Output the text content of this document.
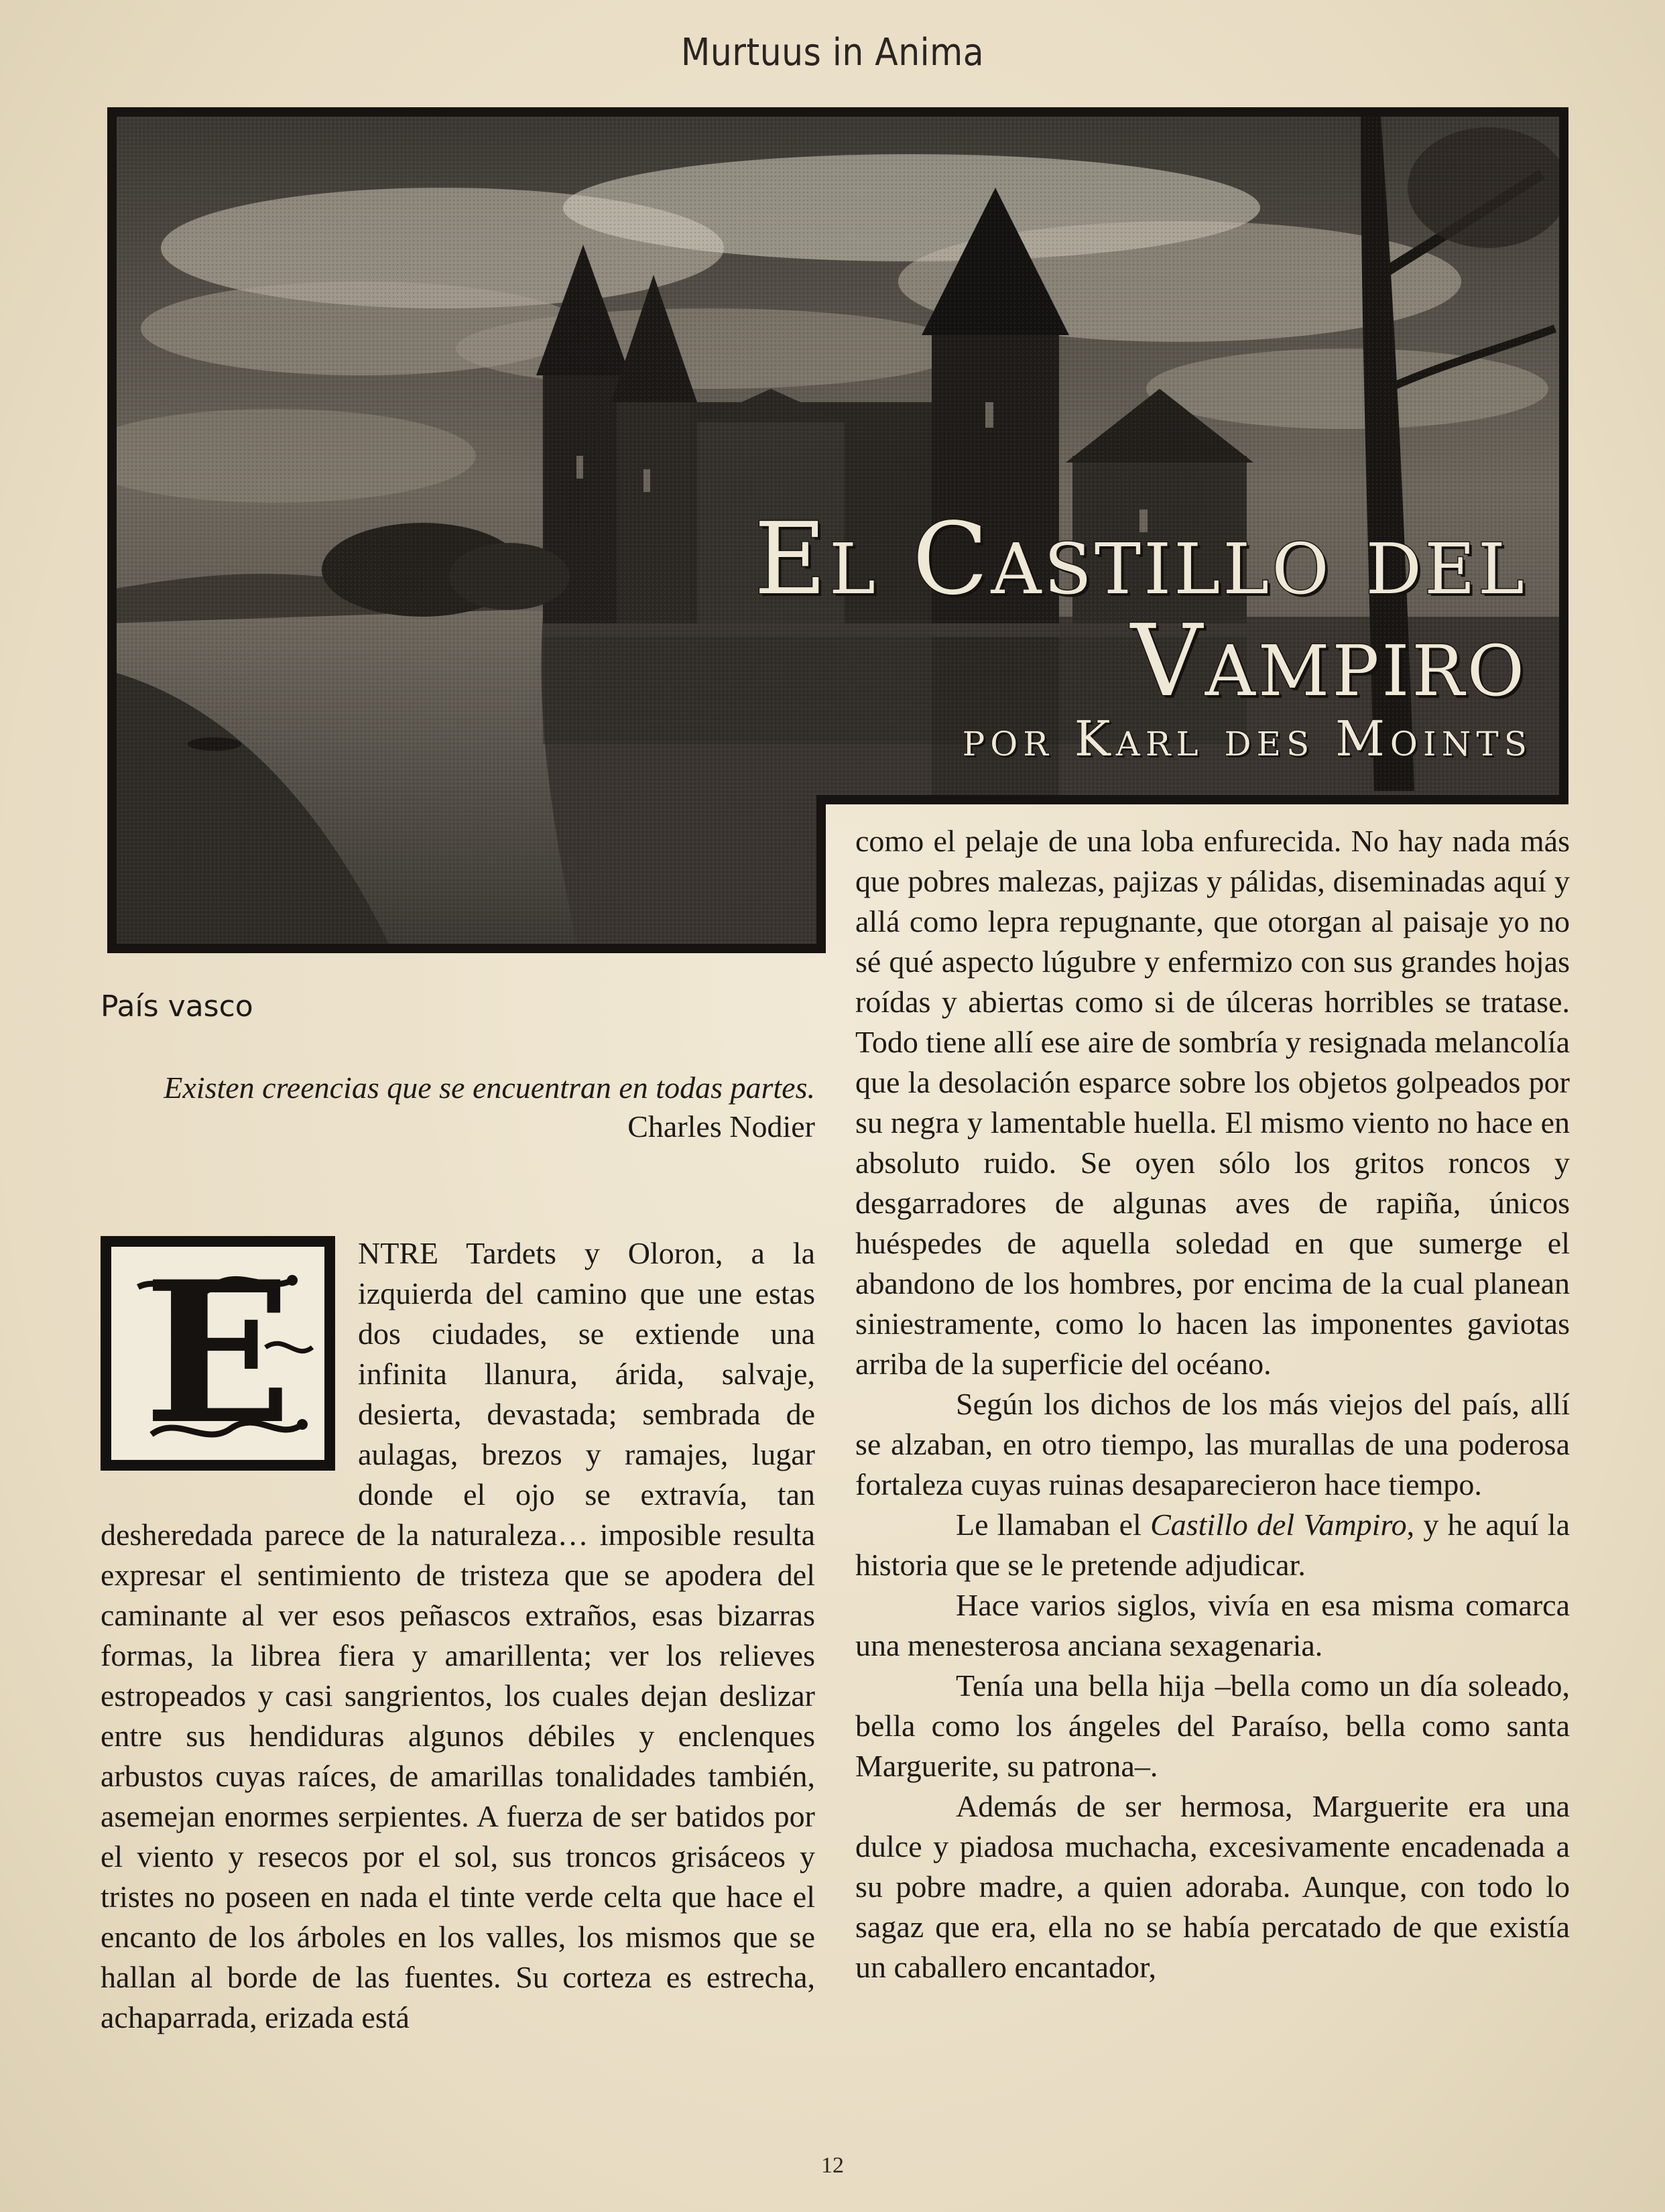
Murtuus in Anima
El Castillo del
Vampiro
por Karl des Moints
País vasco
Existen creencias que se encuentran en todas partes.
Charles Nodier
E	NTRE Tardets y Oloron, a la izquierda del camino que une estas dos ciudades, se extiende una infinita llanura, árida, salvaje, desierta, devastada; sembrada de aulagas, brezos y ramajes, lugar donde el ojo se extravía, tan desheredada parece de la naturaleza… imposible resulta expresar el sentimiento de tristeza que se apodera del caminante al ver esos peñascos extraños, esas bizarras formas, la librea fiera y amarillenta; ver los relieves estropeados y casi sangrientos, los cuales dejan deslizar entre sus hendiduras algunos débiles y enclenques arbustos cuyas raíces, de amarillas tonalidades también, asemejan enormes serpientes. A fuerza de ser batidos por el viento y resecos por el sol, sus troncos grisáceos y tristes no poseen en nada el tinte verde celta que hace el encanto de los árboles en los valles, los mismos que se hallan al borde de las fuentes. Su corteza es estrecha, achaparrada, erizada está

como el pelaje de una loba enfurecida. No hay nada más que pobres malezas, pajizas y pálidas, diseminadas aquí y allá como lepra repugnante, que otorgan al paisaje yo no sé qué aspecto lúgubre y enfermizo con sus grandes hojas roídas y abiertas como si de úlceras horribles se tratase. Todo tiene allí ese aire de sombría y resignada melancolía que la desolación esparce sobre los objetos golpeados por su negra y lamentable huella. El mismo viento no hace en absoluto ruido. Se oyen sólo los gritos roncos y desgarradores de algunas aves de rapiña, únicos huéspedes de aquella soledad en que sumerge el abandono de los hombres, por encima de la cual planean siniestramente, como lo hacen las imponentes gaviotas arriba de la superficie del océano.

Según los dichos de los más viejos del país, allí se alzaban, en otro tiempo, las murallas de una poderosa fortaleza cuyas ruinas desaparecieron hace tiempo.

Le llamaban el Castillo del Vampiro, y he aquí la historia que se le pretende adjudicar.

Hace varios siglos, vivía en esa misma comarca una menesterosa anciana sexagenaria.

Tenía una bella hija –bella como un día soleado, bella como los ángeles del Paraíso, bella como santa Marguerite, su patrona–.

Además de ser hermosa, Marguerite era una dulce y piadosa muchacha, excesivamente encadenada a su pobre madre, a quien adoraba. Aunque, con todo lo sagaz que era, ella no se había percatado de que existía un caballero encantador,

12
